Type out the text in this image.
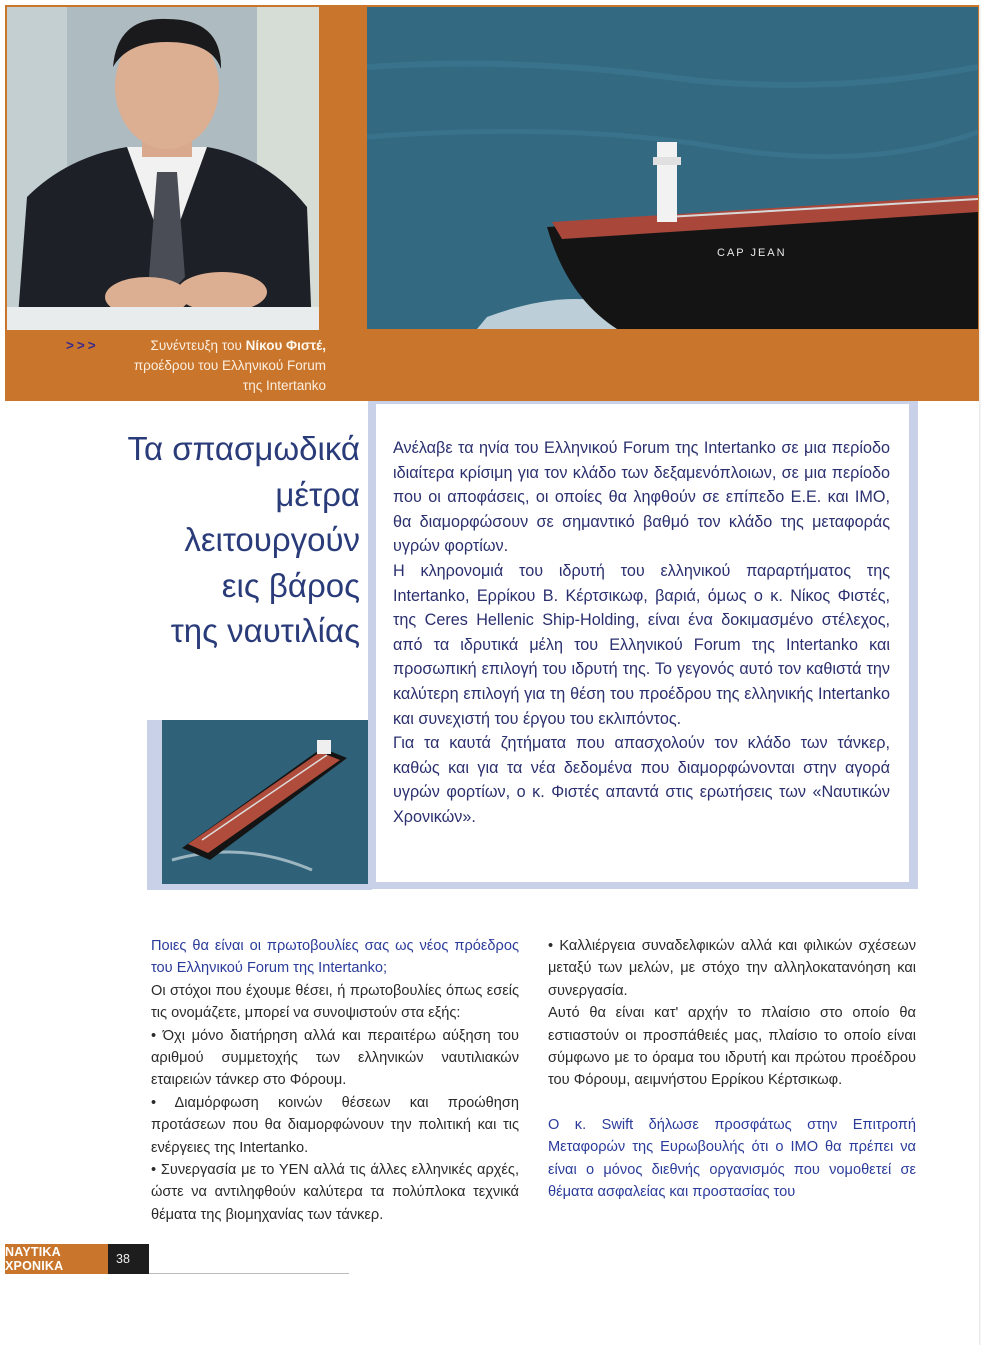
CAP JEAN
>>>	Συνέντευξη του Νίκου Φιστέ,
προέδρου του Ελληνικού Forum
της Intertanko
Τα σπασμωδικά
μέτρα
λειτουργούν
εις βάρος
της ναυτιλίας

Ανέλαβε τα ηνία του Ελληνικού Forum της Intertanko σε μια περίοδο ιδιαίτερα κρίσιμη για τον κλάδο των δεξαμενόπλοιων, σε μια περίοδο που οι αποφάσεις, οι οποίες θα ληφθούν σε επίπεδο Ε.Ε. και ΙΜΟ, θα διαμορφώσουν σε σημαντικό βαθμό τον κλάδο της μεταφοράς υγρών φορτίων.

Η κληρονομιά του ιδρυτή του ελληνικού παραρτήματος της Intertanko, Ερρίκου Β. Κέρτσικωφ, βαριά, όμως ο κ. Νίκος Φιστές, της Ceres Hellenic Ship-Holding, είναι ένα δοκιμασμένο στέλεχος, από τα ιδρυτικά μέλη του Ελληνικού Forum της Intertanko και προσωπική επιλογή του ιδρυτή της. Το γεγονός αυτό τον καθιστά την καλύτερη επιλογή για τη θέση του προέδρου της ελληνικής Intertanko και συνεχιστή του έργου του εκλιπόντος.

Για τα καυτά ζητήματα που απασχολούν τον κλάδο των τάνκερ, καθώς και για τα νέα δεδομένα που διαμορφώνονται στην αγορά υγρών φορτίων, ο κ. Φιστές απαντά στις ερωτήσεις των «Ναυτικών Χρονικών».

Ποιες θα είναι οι πρωτοβουλίες σας ως νέος πρόεδρος του Ελληνικού Forum της Intertanko;

Οι στόχοι που έχουμε θέσει, ή πρωτοβουλίες όπως εσείς τις ονομάζετε, μπορεί να συνοψιστούν στα εξής:

• Όχι μόνο διατήρηση αλλά και περαιτέρω αύξηση του αριθμού συμμετοχής των ελληνικών ναυτιλιακών εταιρειών τάνκερ στο Φόρουμ.

• Διαμόρφωση κοινών θέσεων και προώθηση προτάσεων που θα διαμορφώνουν την πολιτική και τις ενέργειες της Intertanko.

• Συνεργασία με το ΥΕΝ αλλά τις άλλες ελληνικές αρχές, ώστε να αντιληφθούν καλύτερα τα πολύπλοκα τεχνικά θέματα της βιομηχανίας των τάνκερ.

• Καλλιέργεια συναδελφικών αλλά και φιλικών σχέσεων μεταξύ των μελών, με στόχο την αλληλοκατανόηση και συνεργασία.

Αυτό θα είναι κατ' αρχήν το πλαίσιο στο οποίο θα εστιαστούν οι προσπάθειές μας, πλαίσιο το οποίο είναι σύμφωνο με το όραμα του ιδρυτή και πρώτου προέδρου του Φόρουμ, αειμνήστου Ερρίκου Κέρτσικωφ.

Ο κ. Swift δήλωσε προσφάτως στην Επιτροπή Μεταφορών της Ευρωβουλής ότι ο ΙΜΟ θα πρέπει να είναι ο μόνος διεθνής οργανισμός που νομοθετεί σε θέματα ασφαλείας και προστασίας του

ΝΑΥΤΙΚΑ ΧΡΟΝΙΚΑ	38
